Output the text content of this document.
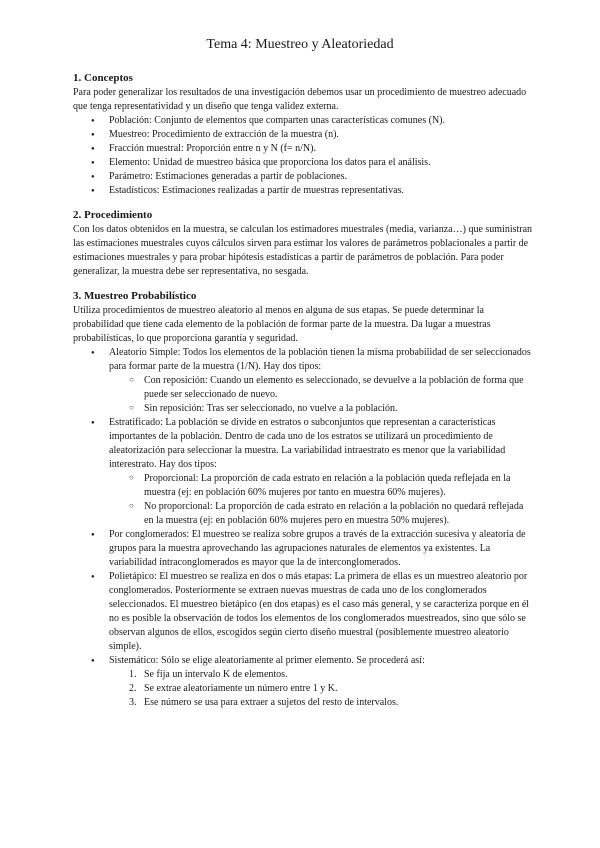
Tema 4: Muestreo y Aleatoriedad
1. Conceptos

Para poder generalizar los resultados de una investigación debemos usar un procedimiento de muestreo adecuado que tenga representatividad y un diseño que tenga validez externa.

● Población: Conjunto de elementos que comparten unas características comunes (N).
● Muestreo: Procedimiento de extracción de la muestra (n).
● Fracción muestral: Proporción entre n y N (f= n/N).
● Elemento: Unidad de muestreo básica que proporciona los datos para el análisis.
● Parámetro: Estimaciones generadas a partir de poblaciones.
● Estadísticos: Estimaciones realizadas a partir de muestras representativas.
2. Procedimiento

Con los datos obtenidos en la muestra, se calculan los estimadores muestrales (media, varianza…) que suministran las estimaciones muestrales cuyos cálculos sirven para estimar los valores de parámetros poblacionales a partir de estimaciones muestrales y para probar hipótesis estadísticas a partir de parámetros de población. Para poder generalizar, la muestra debe ser representativa, no sesgada.

3. Muestreo Probabilístico

Utiliza procedimientos de muestreo aleatorio al menos en alguna de sus etapas. Se puede determinar la probabilidad que tiene cada elemento de la población de formar parte de la muestra. Da lugar a muestras probabilísticas, lo que proporciona garantía y seguridad.

● Aleatorio Simple: Todos los elementos de la población tienen la misma probabilidad de ser seleccionados para formar parte de la muestra (1/N). Hay dos tipos:
○ Con reposición: Cuando un elemento es seleccionado, se devuelve a la población de forma que puede ser seleccionado de nuevo.
○ Sin reposición: Tras ser seleccionado, no vuelve a la población.
● Estratificado: La población se divide en estratos o subconjuntos que representan a características importantes de la población. Dentro de cada uno de los estratos se utilizará un procedimiento de aleatorización para seleccionar la muestra. La variabilidad intraestrato es menor que la variabilidad interestrato. Hay dos tipos:
○ Proporcional: La proporción de cada estrato en relación a la población queda reflejada en la muestra (ej: en población 60% mujeres por tanto en muestra 60% mujeres).
○ No proporcional: La proporción de cada estrato en relación a la población no quedará reflejada en la muestra (ej: en población 60% mujeres pero en muestra 50% mujeres).
● Por conglomerados: El muestreo se realiza sobre grupos a través de la extracción sucesiva y aleatoria de grupos para la muestra aprovechando las agrupaciones naturales de elementos ya existentes. La variabilidad intraconglomerados es mayor que la de interconglomerados.
● Polietápico: El muestreo se realiza en dos o más etapas: La primera de ellas es un muestreo aleatorio por conglomerados. Posteriormente se extraen nuevas muestras de cada uno de los conglomerados seleccionados. El muestreo bietápico (en dos etapas) es el caso más general, y se caracteriza porque en él no es posible la observación de todos los elementos de los conglomerados muestreados, sino que sólo se observan algunos de ellos, escogidos según cierto diseño muestral (posiblemente muestreo aleatorio simple).
● Sistemático: Sólo se elige aleatoriamente al primer elemento. Se procederá así:
1. Se fija un intervalo K de elementos.
2. Se extrae aleatoriamente un número entre 1 y K.
3. Ese número se usa para extraer a sujetos del resto de intervalos.
